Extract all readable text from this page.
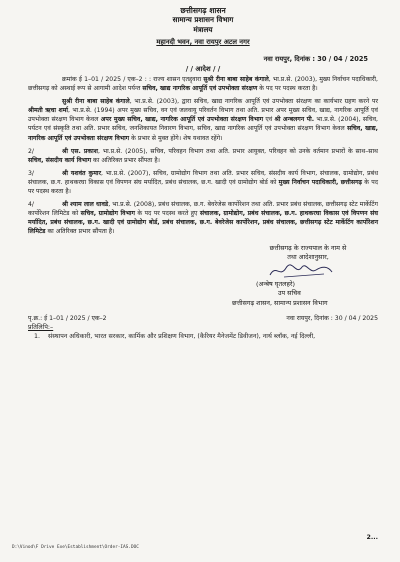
छत्तीसगढ़ शासन
सामान्य प्रशासन विभाग
मंत्रालय
महानदी भवन, नवा रायपुर अटल नगर
नवा रायपुर, दिनांक : 30 / 04 / 2025
/ / आदेश / /
क्रमांक ई 1–01 / 2025 / एक–2 : : राज्य शासन एतद्द्वारा सुश्री रीना बाबा साहेब कंगाले, भा.प्र.से. (2003), मुख्य निर्वाचन पदाधिकारी, छत्तीसगढ़ को अस्थाई रूप से आगामी आदेश पर्यन्त सचिव, खाद्य नागरिक आपूर्ति एवं उपभोक्ता संरक्षण के पद पर पदस्थ करता है।
सुश्री रीना बाबा साहेब कंगाले, भा.प्र.से. (2003), द्वारा सचिव, खाद्य नागरिक आपूर्ति एवं उपभोक्ता संरक्षण का कार्यभार ग्रहण करने पर श्रीमती ऋचा शर्मा, भा.प्र.से. (1994) अपर मुख्य सचिव, वन एवं जलवायु परिवर्तन विभाग तथा अति. प्रभार अपर मुख्य सचिव, खाद्य, नागरिक आपूर्ति एवं उपभोक्ता संरक्षण विभाग केवल अपर मुख्य सचिव, खाद्य, नागरिक आपूर्ति एवं उपभोक्ता संरक्षण विभाग एवं श्री अन्बलगन पी. भा.प्र.से. (2004), सचिव, पर्यटन एवं संस्कृति तथा अति. प्रभार सचिव, जनशिकायत निवारण विभाग, सचिव, खाद्य नागरिक आपूर्ति एवं उपभोक्ता संरक्षण विभाग केवल सचिव, खाद्य, नागरिक आपूर्ति एवं उपभोक्ता संरक्षण विभाग के प्रभार से मुक्त होंगे। शेष यथावत रहेंगे।
2/	श्री एस. प्रकाश, भा.प्र.से. (2005), सचिव, परिवहन विभाग तथा अति. प्रभार आयुक्त, परिवहन को उनके वर्तमान प्रभारों के साथ–साथ सचिव, संसदीय कार्य विभाग का अतिरिक्त प्रभार सौंपता है।
3/	श्री यशवंत कुमार, भा.प्र.से. (2007), सचिव, ग्रामोद्योग विभाग तथा अति. प्रभार सचिव, संसदीय कार्य विभाग, संचालक, ग्रामोद्योग, प्रबंध संचालक, छ.ग. हाथकरघा विकास एवं विपणन संघ मर्यादित, प्रबंध संचालक, छ.ग. खादी एवं ग्रामोद्योग बोर्ड को मुख्य निर्वाचन पदाधिकारी, छत्तीसगढ़ के पद पर पदस्थ करता है।
4/	श्री श्याम लाल धावडे, भा.प्र.से. (2008), प्रबंध संचालक, छ.ग. बेवरेजेस कार्पोरेशन तथा अति. प्रभार प्रबंध संचालक, छत्तीसगढ़ स्टेट मार्केटिंग कार्पोरेशन लिमिटेड को सचिव, ग्रामोद्योग विभाग के पद पर पदस्थ करते हुए संचालक, ग्रामोद्योग, प्रबंध संचालक, छ.ग. हाथकरघा विकास एवं विपणन संघ मर्यादित, प्रबंध संचालक, छ.ग. खादी एवं ग्रामोद्योग बोर्ड, प्रबंध संचालक, छ.ग. बेवरेजेस कार्पोरेशन, प्रबंध संचालक, छत्तीसगढ़ स्टेट मार्केटिंग कार्पोरेशन लिमिटेड का अतिरिक्त प्रभार सौंपता है।
छत्तीसगढ़ के राज्यपाल के नाम से
तथा आदेशानुसार,
(अन्बेष घृतलहरे)
उप सचिव
छत्तीसगढ़ शासन, सामान्य प्रशासन विभाग
नवा रायपुर, दिनांक : 30 / 04 / 2025
पृ.क्र.: ई 1–01 / 2025 / एक–2
प्रतिलिपि:–
1. संस्थापन अधिकारी, भारत सरकार, कार्मिक और प्रशिक्षण विभाग, (कैरियर मैनेजमेंट डिवीजन), नार्थ ब्लॉक, नई दिल्ली,
2...
D:\Vinod\F Drive Exe\Establishment\Order-IAS.DOC
